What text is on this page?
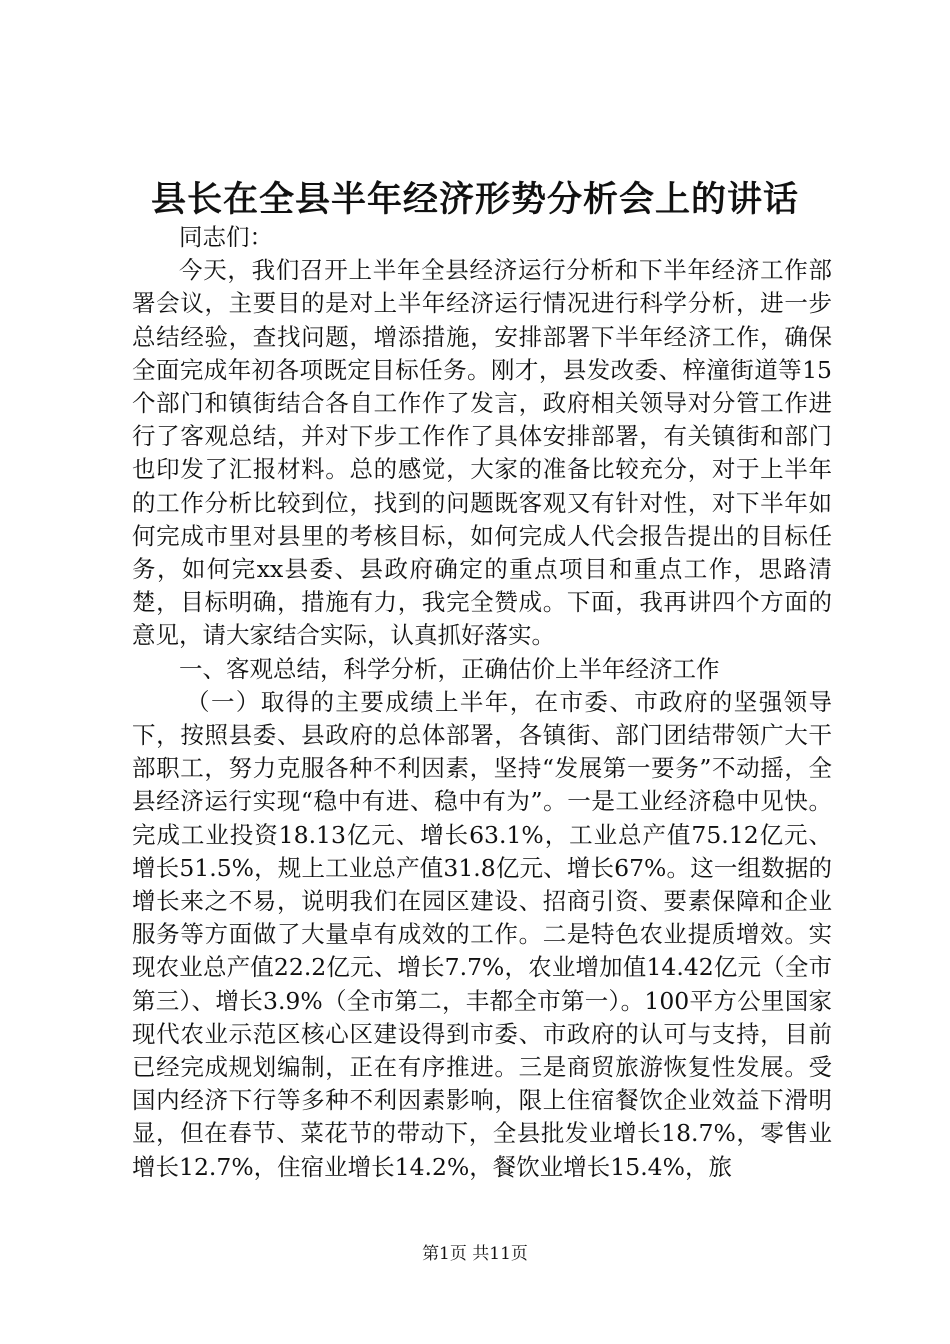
县长在全县半年经济形势分析会上的讲话

同志们：

今天，我们召开上半年全县经济运行分析和下半年经济工作部署会议，主要目的是对上半年经济运行情况进行科学分析，进一步总结经验，查找问题，增添措施，安排部署下半年经济工作，确保全面完成年初各项既定目标任务。刚才，县发改委、梓潼街道等15个部门和镇街结合各自工作作了发言，政府相关领导对分管工作进行了客观总结，并对下步工作作了具体安排部署，有关镇街和部门也印发了汇报材料。总的感觉，大家的准备比较充分，对于上半年的工作分析比较到位，找到的问题既客观又有针对性，对下半年如何完成市里对县里的考核目标，如何完成人代会报告提出的目标任务，如何完xx县委、县政府确定的重点项目和重点工作，思路清楚，目标明确，措施有力，我完全赞成。下面，我再讲四个方面的意见，请大家结合实际，认真抓好落实。

一、客观总结，科学分析，正确估价上半年经济工作

（一）取得的主要成绩上半年，在市委、市政府的坚强领导下，按照县委、县政府的总体部署，各镇街、部门团结带领广大干部职工，努力克服各种不利因素，坚持“发展第一要务”不动摇，全县经济运行实现“稳中有进、稳中有为”。一是工业经济稳中见快。完成工业投资18.13亿元、增长63.1%，工业总产值75.12亿元、增长51.5%，规上工业总产值31.8亿元、增长67%。这一组数据的增长来之不易，说明我们在园区建设、招商引资、要素保障和企业服务等方面做了大量卓有成效的工作。二是特色农业提质增效。实现农业总产值22.2亿元、增长7.7%，农业增加值14.42亿元（全市第三）、增长3.9%（全市第二，丰都全市第一）。100平方公里国家现代农业示范区核心区建设得到市委、市政府的认可与支持，目前已经完成规划编制，正在有序推进。三是商贸旅游恢复性发展。受国内经济下行等多种不利因素影响，限上住宿餐饮企业效益下滑明显，但在春节、菜花节的带动下，全县批发业增长18.7%，零售业增长12.7%，住宿业增长14.2%，餐饮业增长15.4%，旅

第1页 共11页
